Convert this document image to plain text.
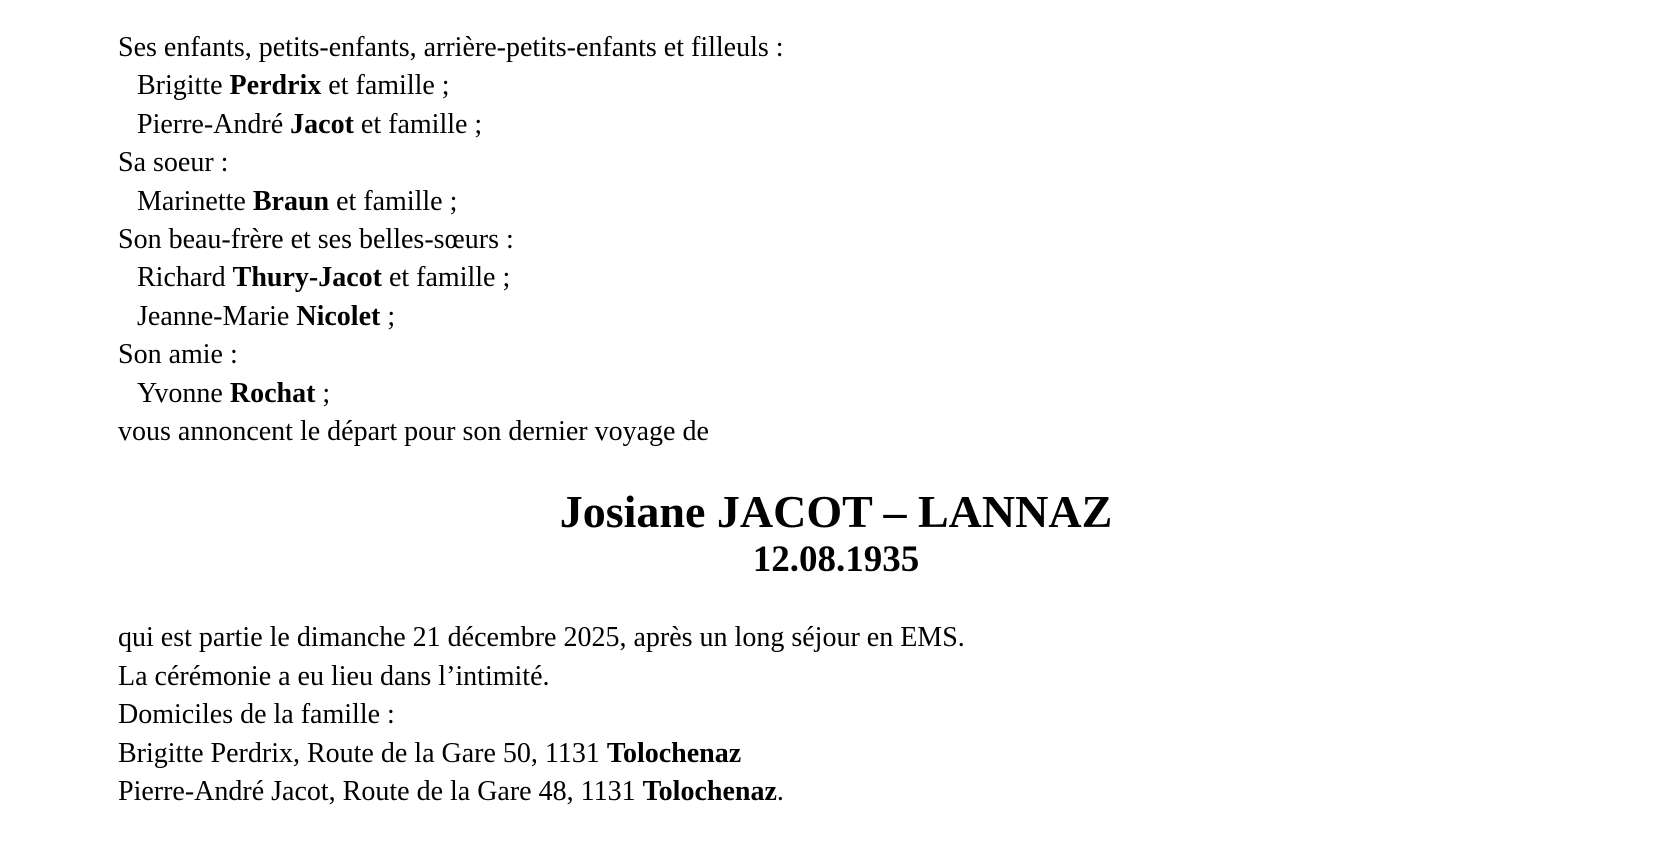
Ses enfants, petits-enfants, arrière-petits-enfants et filleuls :
Brigitte Perdrix et famille ;
Pierre-André Jacot et famille ;
Sa soeur :
Marinette Braun et famille ;
Son beau-frère et ses belles-sœurs :
Richard Thury-Jacot et famille ;
Jeanne-Marie Nicolet ;
Son amie :
Yvonne Rochat ;
vous annoncent le départ pour son dernier voyage de
Josiane JACOT – LANNAZ
12.08.1935
qui est partie le dimanche 21 décembre 2025, après un long séjour en EMS.
La cérémonie a eu lieu dans l’intimité.
Domiciles de la famille :
Brigitte Perdrix, Route de la Gare 50, 1131 Tolochenaz
Pierre-André Jacot, Route de la Gare 48, 1131 Tolochenaz.
